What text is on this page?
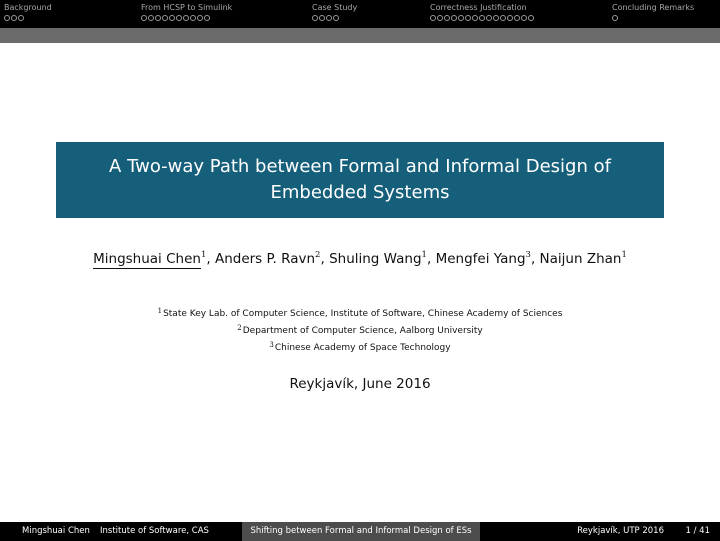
Background	From HCSP to Simulink	Case Study	Correctness Justification	Concluding Remarks
A Two-way Path between Formal and Informal Design of Embedded Systems
Mingshuai Chen$^1$, Anders P. Ravn$^2$, Shuling Wang$^1$, Mengfei Yang$^3$, Naijun Zhan$^1$
$^1$State Key Lab. of Computer Science, Institute of Software, Chinese Academy of Sciences
$^2$Department of Computer Science, Aalborg University
$^3$Chinese Academy of Space Technology
Reykjavík, June 2016
Mingshuai Chen Institute of Software, CAS	Shifting between Formal and Informal Design of ESs	Reykjavík, UTP 2016	1 / 41
